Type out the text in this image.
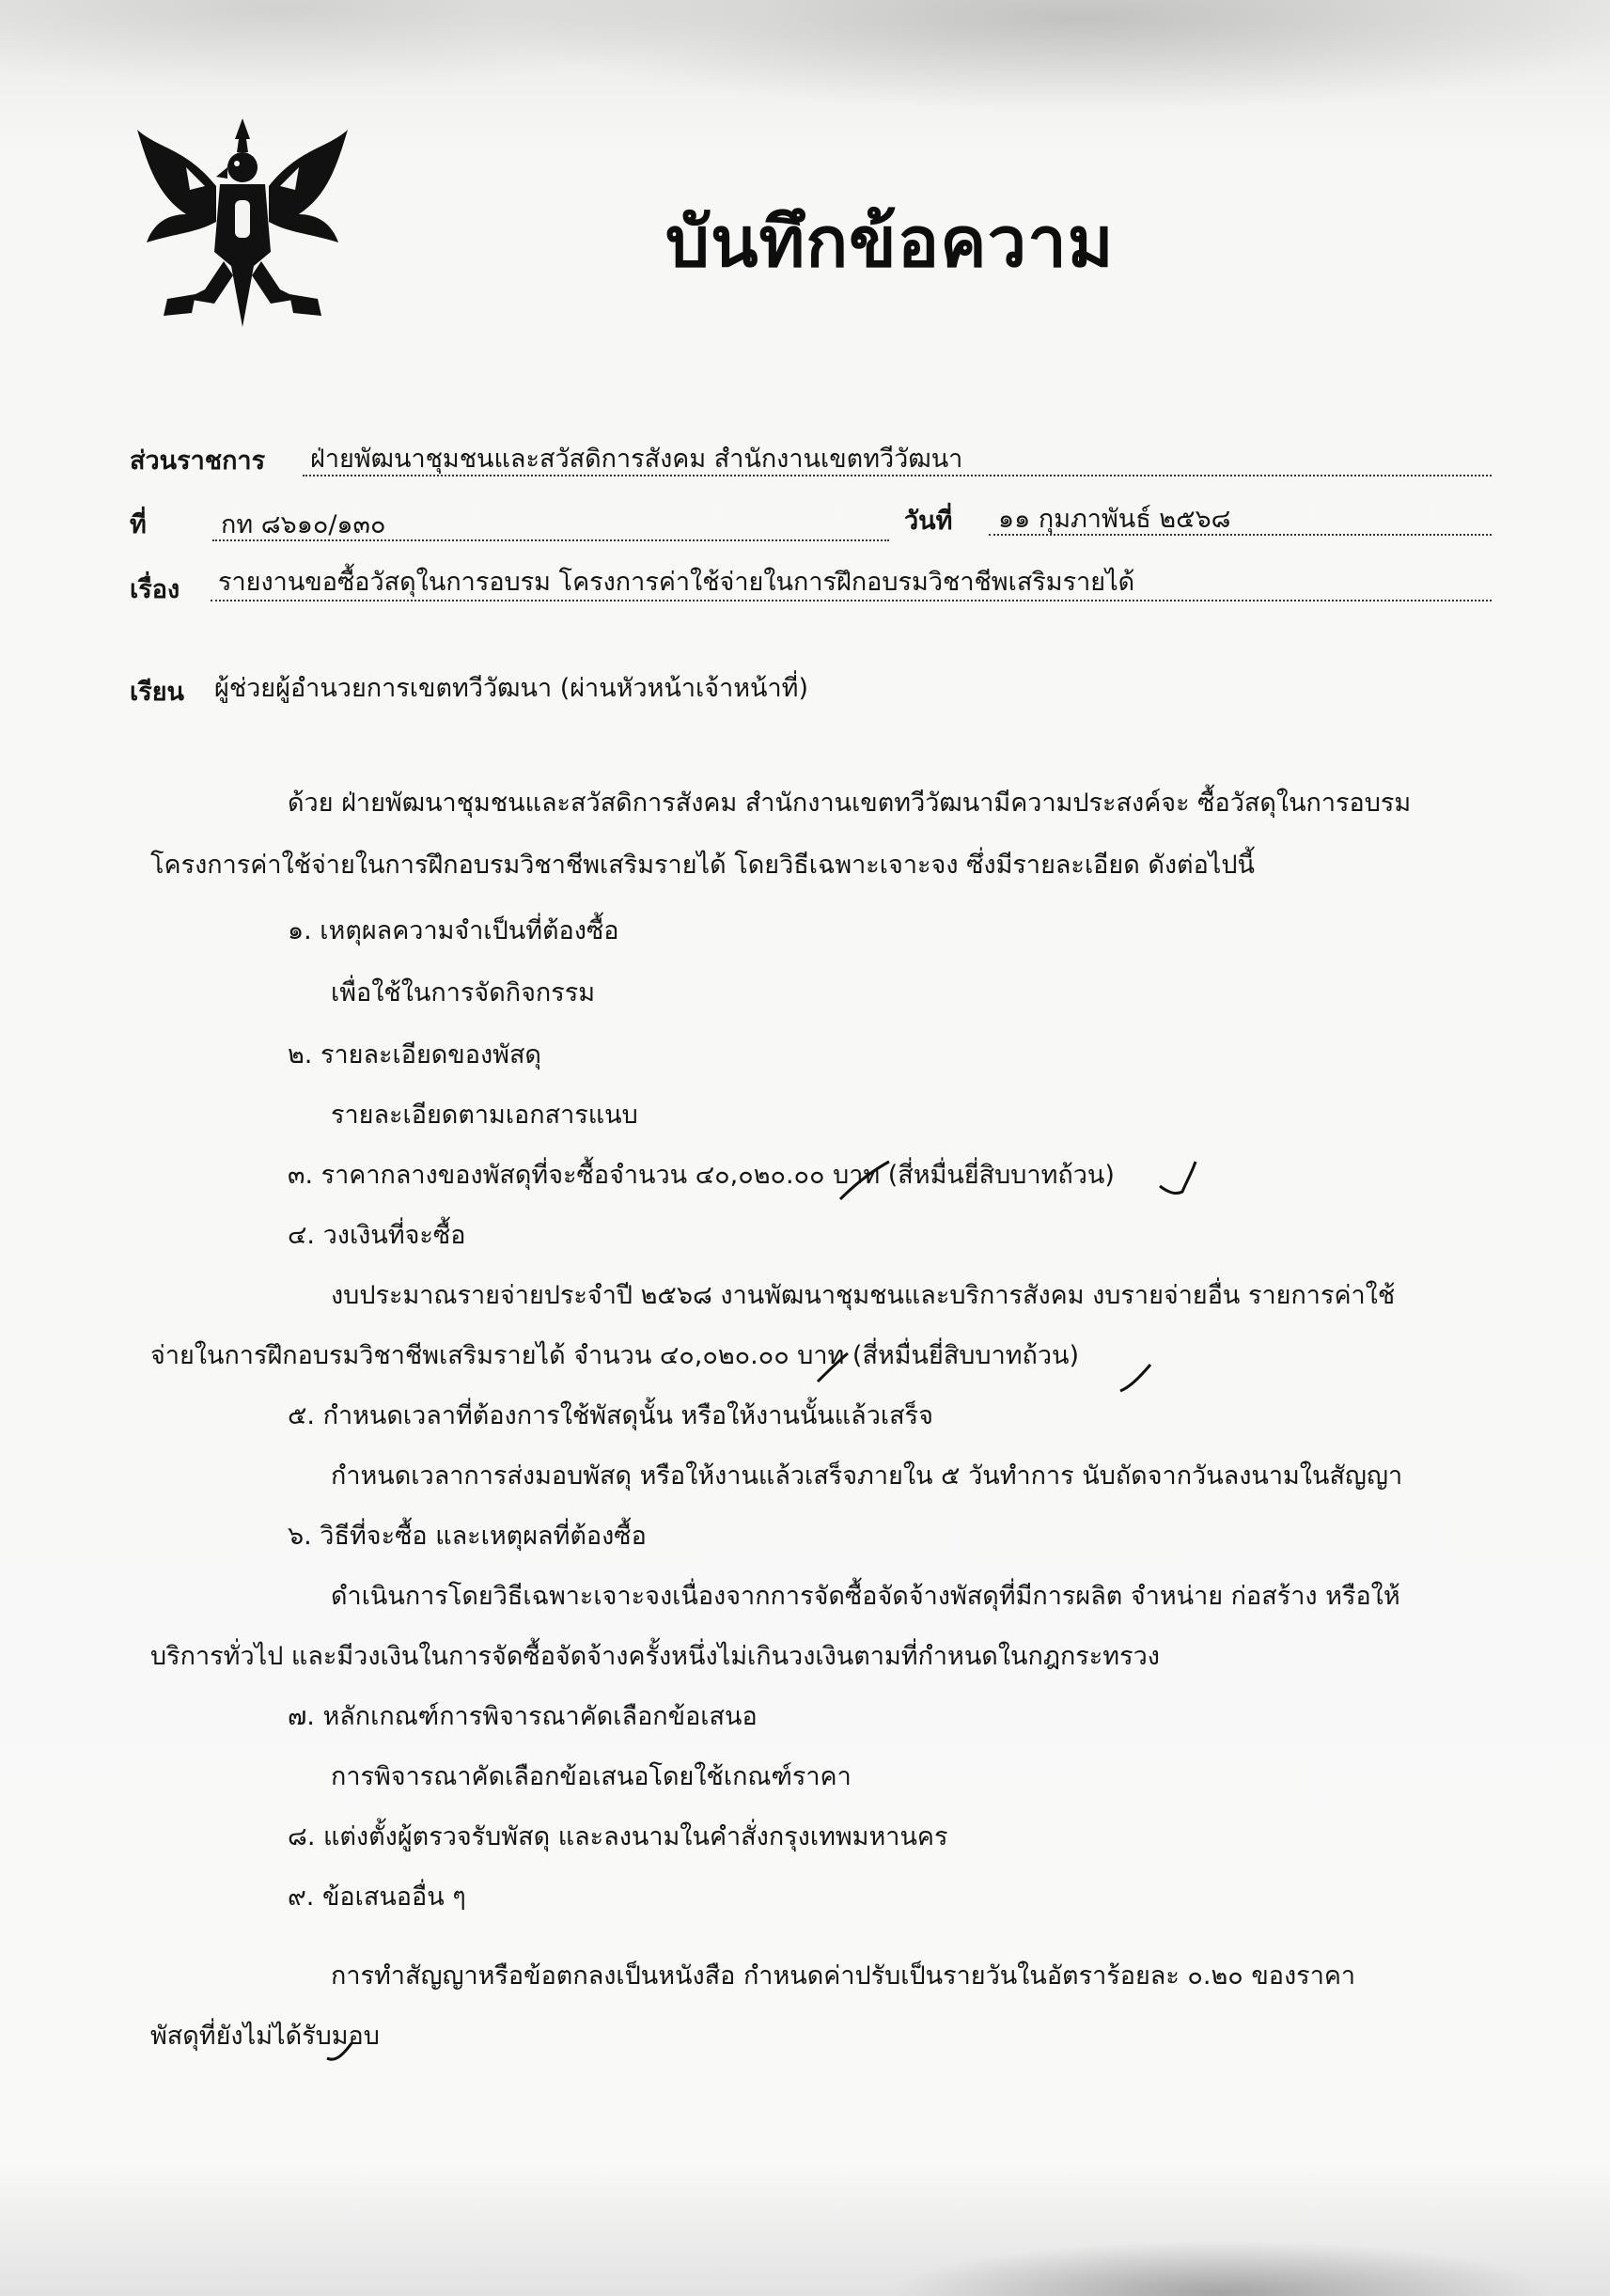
บันทึกข้อความ
ส่วนราชการ ฝ่ายพัฒนาชุมชนและสวัสดิการสังคม สำนักงานเขตทวีวัฒนา
ที่	กท ๘๖๑๐/๑๓๐	วันที่ ๑๑ กุมภาพันธ์ ๒๕๖๘
เรื่อง รายงานขอซื้อวัสดุในการอบรม โครงการค่าใช้จ่ายในการฝึกอบรมวิชาชีพเสริมรายได้
เรียน ผู้ช่วยผู้อำนวยการเขตทวีวัฒนา (ผ่านหัวหน้าเจ้าหน้าที่)
ด้วย ฝ่ายพัฒนาชุมชนและสวัสดิการสังคม สำนักงานเขตทวีวัฒนามีความประสงค์จะ ซื้อวัสดุในการอบรม
โครงการค่าใช้จ่ายในการฝึกอบรมวิชาชีพเสริมรายได้ โดยวิธีเฉพาะเจาะจง ซึ่งมีรายละเอียด ดังต่อไปนี้
๑. เหตุผลความจำเป็นที่ต้องซื้อ
เพื่อใช้ในการจัดกิจกรรม
๒. รายละเอียดของพัสดุ
รายละเอียดตามเอกสารแนบ
๓. ราคากลางของพัสดุที่จะซื้อจำนวน ๔๐,๐๒๐.๐๐ บาท (สี่หมื่นยี่สิบบาทถ้วน)
๔. วงเงินที่จะซื้อ
งบประมาณรายจ่ายประจำปี ๒๕๖๘ งานพัฒนาชุมชนและบริการสังคม งบรายจ่ายอื่น รายการค่าใช้
จ่ายในการฝึกอบรมวิชาชีพเสริมรายได้ จำนวน ๔๐,๐๒๐.๐๐ บาท (สี่หมื่นยี่สิบบาทถ้วน)
๕. กำหนดเวลาที่ต้องการใช้พัสดุนั้น หรือให้งานนั้นแล้วเสร็จ
กำหนดเวลาการส่งมอบพัสดุ หรือให้งานแล้วเสร็จภายใน ๕ วันทำการ นับถัดจากวันลงนามในสัญญา
๖. วิธีที่จะซื้อ และเหตุผลที่ต้องซื้อ
ดำเนินการโดยวิธีเฉพาะเจาะจงเนื่องจากการจัดซื้อจัดจ้างพัสดุที่มีการผลิต จำหน่าย ก่อสร้าง หรือให้
บริการทั่วไป และมีวงเงินในการจัดซื้อจัดจ้างครั้งหนึ่งไม่เกินวงเงินตามที่กำหนดในกฎกระทรวง
๗. หลักเกณฑ์การพิจารณาคัดเลือกข้อเสนอ
การพิจารณาคัดเลือกข้อเสนอโดยใช้เกณฑ์ราคา
๘. แต่งตั้งผู้ตรวจรับพัสดุ และลงนามในคำสั่งกรุงเทพมหานคร
๙. ข้อเสนออื่น ๆ
การทำสัญญาหรือข้อตกลงเป็นหนังสือ กำหนดค่าปรับเป็นรายวันในอัตราร้อยละ ๐.๒๐ ของราคา
พัสดุที่ยังไม่ได้รับมอบ
